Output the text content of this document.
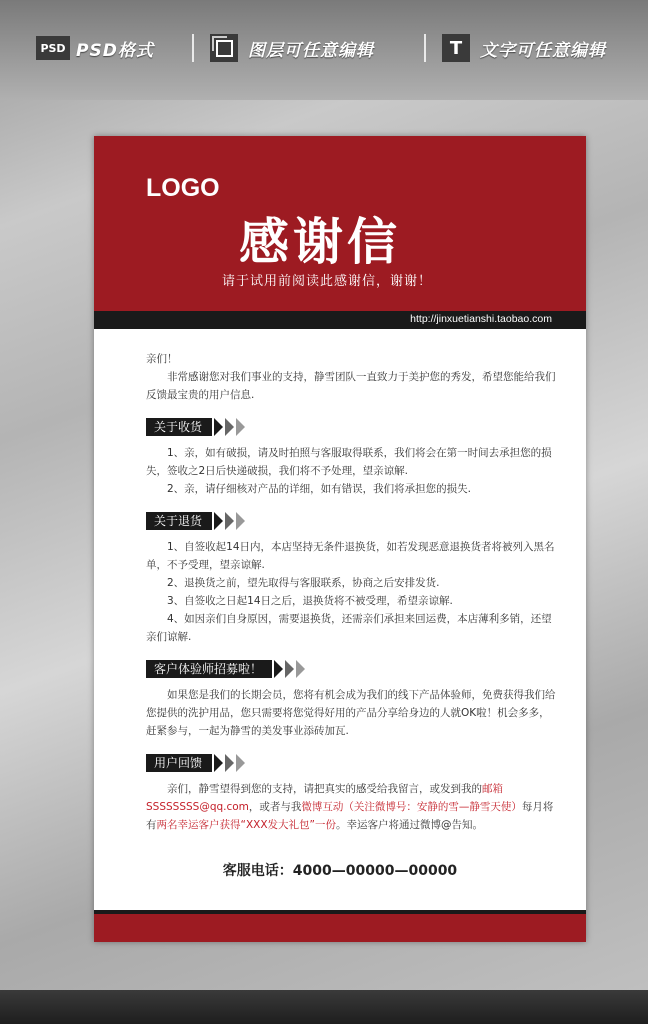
PSD PSD格式	图层可任意编辑	T 文字可任意编辑
LOGO
感谢信
请于试用前阅读此感谢信，谢谢！
http://jinxuetianshi.taobao.com

亲们！

非常感谢您对我们事业的支持，静雪团队一直致力于美护您的秀发，希望您能给我们反馈最宝贵的用户信息.

关于收货

1、亲，如有破损，请及时拍照与客服取得联系，我们将会在第一时间去承担您的损失，签收之2日后快递破损，我们将不予处理，望亲谅解.

2、亲，请仔细核对产品的详细，如有错误，我们将承担您的损失.

关于退货

1、自签收起14日内，本店坚持无条件退换货，如若发现恶意退换货者将被列入黑名单，不予受理，望亲谅解.

2、退换货之前，望先取得与客服联系，协商之后安排发货.

3、自签收之日起14日之后，退换货将不被受理，希望亲谅解.

4、如因亲们自身原因，需要退换货，还需亲们承担来回运费，本店薄利多销，还望亲们谅解.

客户体验师招募啦！

如果您是我们的长期会员，您将有机会成为我们的线下产品体验师，免费获得我们给您提供的洗护用品，您只需要将您觉得好用的产品分享给身边的人就OK啦！机会多多，赶紧参与，一起为静雪的美发事业添砖加瓦.

用户回馈

亲们，静雪望得到您的支持，请把真实的感受给我留言，或发到我的邮箱SSSSSSSS@qq.com，或者与我微博互动（关注微博号：安静的雪—静雪天使）每月将有两名幸运客户获得“XXX发大礼包”一份。幸运客户将通过微博@告知。

客服电话：4000—00000—00000
